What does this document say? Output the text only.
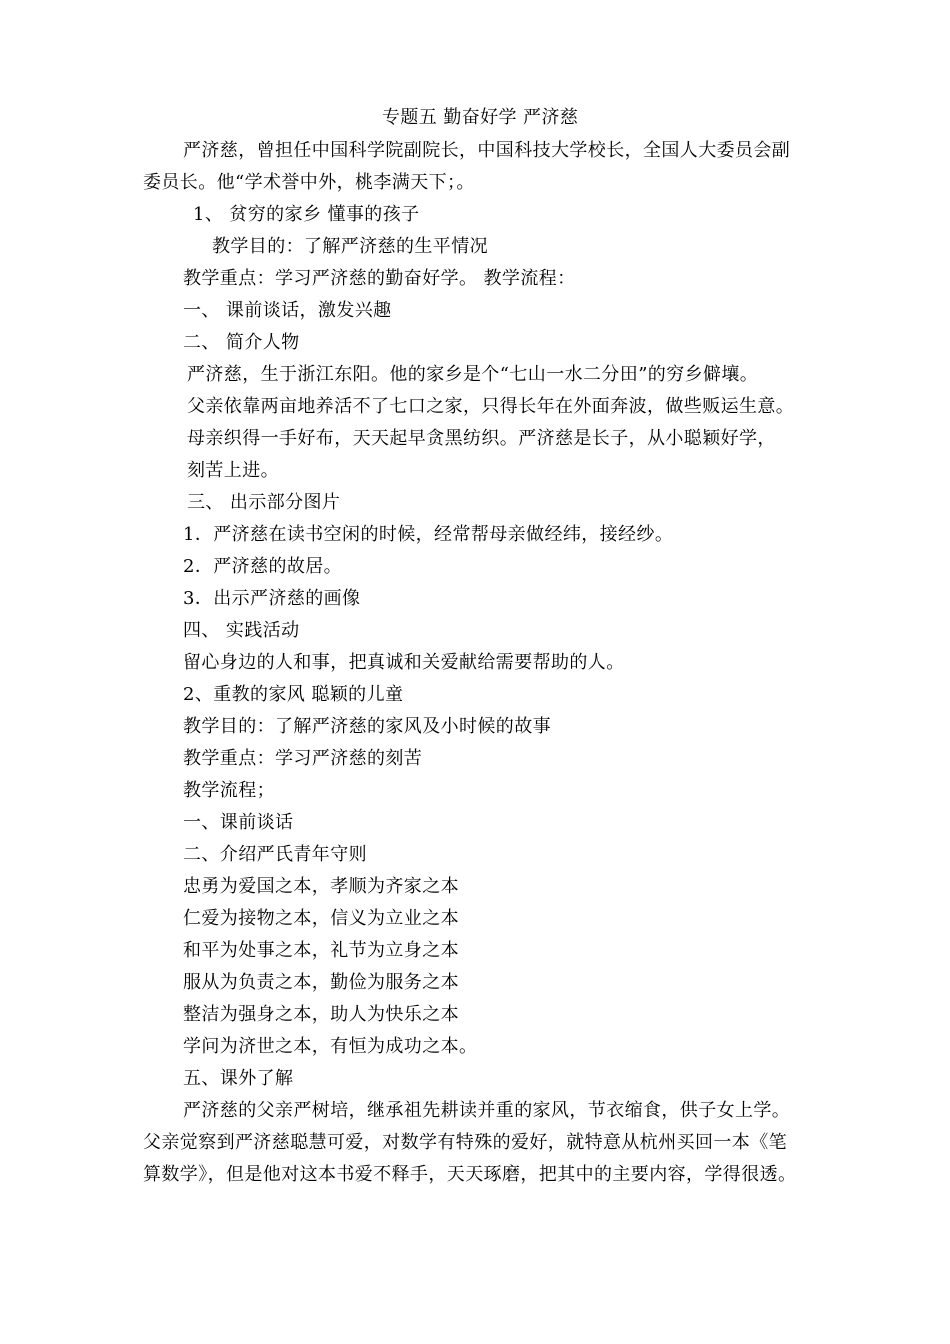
专题五 勤奋好学 严济慈
严济慈，曾担任中国科学院副院长，中国科技大学校长，全国人大委员会副
委员长。他“学术誉中外，桃李满天下；。
1、 贫穷的家乡 懂事的孩子
教学目的：了解严济慈的生平情况
教学重点：学习严济慈的勤奋好学。 教学流程：
一、 课前谈话，激发兴趣
二、 简介人物
严济慈，生于浙江东阳。他的家乡是个“七山一水二分田”的穷乡僻壤。
父亲依靠两亩地养活不了七口之家，只得长年在外面奔波，做些贩运生意。
母亲织得一手好布，天天起早贪黑纺织。严济慈是长子，从小聪颖好学，
刻苦上进。
三、 出示部分图片
1．严济慈在读书空闲的时候，经常帮母亲做经纬，接经纱。
2．严济慈的故居。
3．出示严济慈的画像
四、 实践活动
留心身边的人和事，把真诚和关爱献给需要帮助的人。
2、重教的家风 聪颖的儿童
教学目的：了解严济慈的家风及小时候的故事
教学重点：学习严济慈的刻苦
教学流程；
一、课前谈话
二、介绍严氏青年守则
忠勇为爱国之本，孝顺为齐家之本
仁爱为接物之本，信义为立业之本
和平为处事之本，礼节为立身之本
服从为负责之本，勤俭为服务之本
整洁为强身之本，助人为快乐之本
学问为济世之本，有恒为成功之本。
五、课外了解
严济慈的父亲严树培，继承祖先耕读并重的家风，节衣缩食，供子女上学。
父亲觉察到严济慈聪慧可爱，对数学有特殊的爱好，就特意从杭州买回一本《笔
算数学》，但是他对这本书爱不释手，天天琢磨，把其中的主要内容，学得很透。
